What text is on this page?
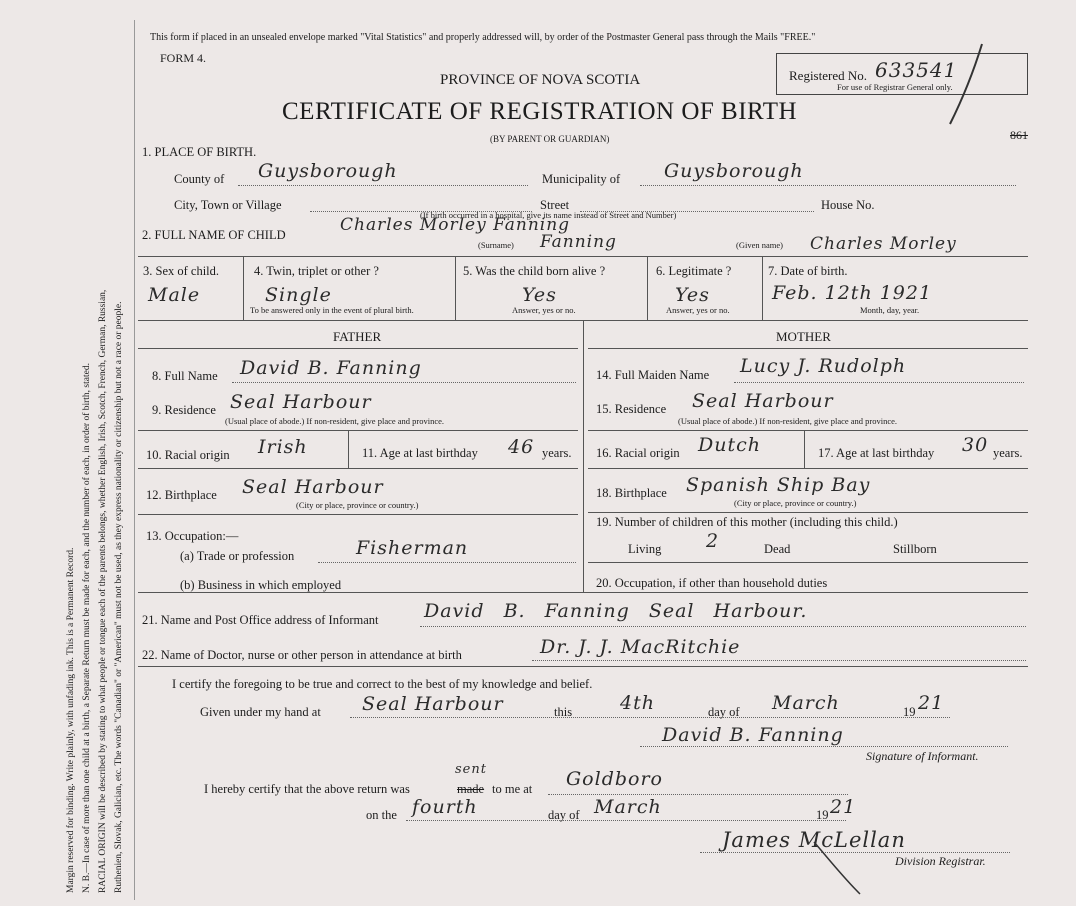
Margin reserved for binding. Write plainly, with unfading ink. This is a Permanent Record. N. B.—In case of more than one child at a birth, a Separate Return must be made for each, and the number of each, in order of birth, stated. RACIAL ORIGIN will be described by stating to what people or tongue each of the parents belongs, whether English, Irish, Scotch, French, German, Russian, Ruthenien, Slovak, Galician, etc. The words "Canadian" or "American" must not be used, as they express nationality or citizenship but not a race or people.
This form if placed in an unsealed envelope marked "Vital Statistics" and properly addressed will, by order of the Postmaster General pass through the Mails "FREE."
FORM 4.
PROVINCE OF NOVA SCOTIA
CERTIFICATE OF REGISTRATION OF BIRTH
(BY PARENT OR GUARDIAN)
Registered No. 633541
For use of Registrar General only.
861
1. PLACE OF BIRTH.
County of Guysborough	Municipality of Guysborough
City, Town or Village	Street	House No.
(If birth occurred in a hospital, give its name instead of Street and Number)
2. FULL NAME OF CHILD	Charles Morley Fanning
Fanning
(Surname)	(Given name) Charles Morley
3. Sex of child.
Male
4. Twin, triplet or other ?
Single
To be answered only in the event of plural birth.
5. Was the child born alive ?
Yes
Answer, yes or no.
6. Legitimate ?
Yes
Answer, yes or no.
7. Date of birth.
Feb. 12th 1921
Month, day, year.
FATHER
8. Full Name David B. Fanning
9. Residence Seal Harbour
(Usual place of abode.) If non-resident, give place and province.
10. Racial origin Irish	11. Age at last birthday 46 years.
12. Birthplace Seal Harbour
(City or place, province or country.)
13. Occupation:—
(a) Trade or profession	Fisherman
(b) Business in which employed
MOTHER
14. Full Maiden Name Lucy J. Rudolph
15. Residence Seal Harbour
(Usual place of abode.) If non-resident, give place and province.
16. Racial origin Dutch	17. Age at last birthday 30 years.
18. Birthplace Spanish Ship Bay
(City or place, province or country.)
19. Number of children of this mother (including this child.)
Living 2	Dead	Stillborn
20. Occupation, if other than household duties
21. Name and Post Office address of Informant David B. Fanning Seal Harbour.
22. Name of Doctor, nurse or other person in attendance at birth	Dr. J. J. MacRitchie
I certify the foregoing to be true and correct to the best of my knowledge and belief.
Given under my hand at Seal Harbour	this	4th	day of March	19 21
David B. Fanning
Signature of Informant.
I hereby certify that the above return was	made
sent
to me at Goldboro
on the fourth	day of March	19 21
James McLellan
Division Registrar.
